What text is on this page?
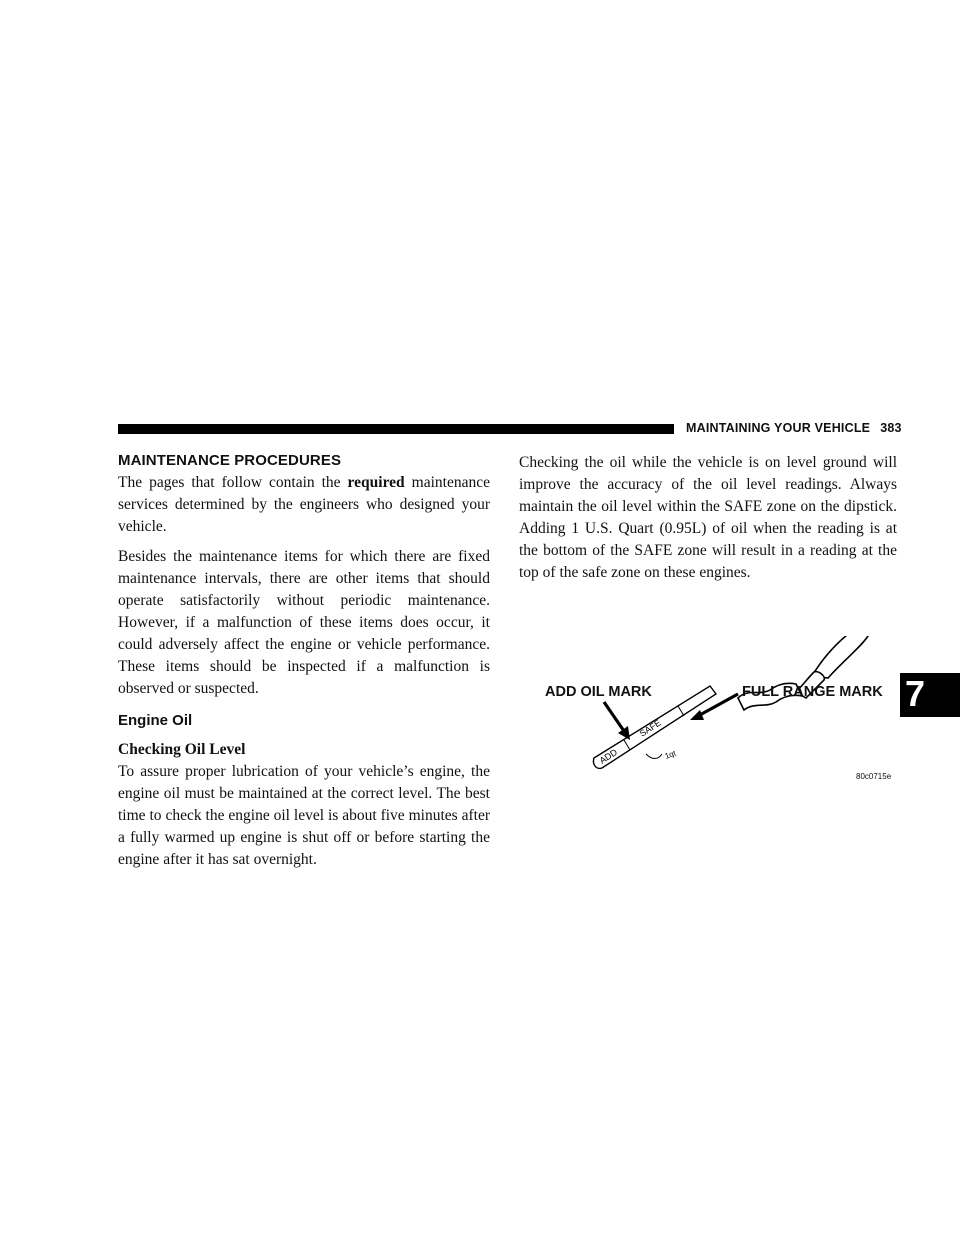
MAINTAINING YOUR VEHICLE 383
MAINTENANCE PROCEDURES

The pages that follow contain the required maintenance services determined by the engineers who designed your vehicle.

Besides the maintenance items for which there are fixed maintenance intervals, there are other items that should operate satisfactorily without periodic maintenance. However, if a malfunction of these items does occur, it could adversely affect the engine or vehicle performance. These items should be inspected if a malfunction is observed or suspected.

Engine Oil
Checking Oil Level

To assure proper lubrication of your vehicle’s engine, the engine oil must be maintained at the correct level. The best time to check the engine oil level is about five minutes after a fully warmed up engine is shut off or before starting the engine after it has sat overnight.

Checking the oil while the vehicle is on level ground will improve the accuracy of the oil level readings. Always maintain the oil level within the SAFE zone on the dipstick. Adding 1 U.S. Quart (0.95L) of oil when the reading is at the bottom of the SAFE zone will result in a reading at the top of the safe zone on these engines.

ADD
SAFE
1qt
ADD OIL MARK	FULL RANGE MARK
80c0715e
7
